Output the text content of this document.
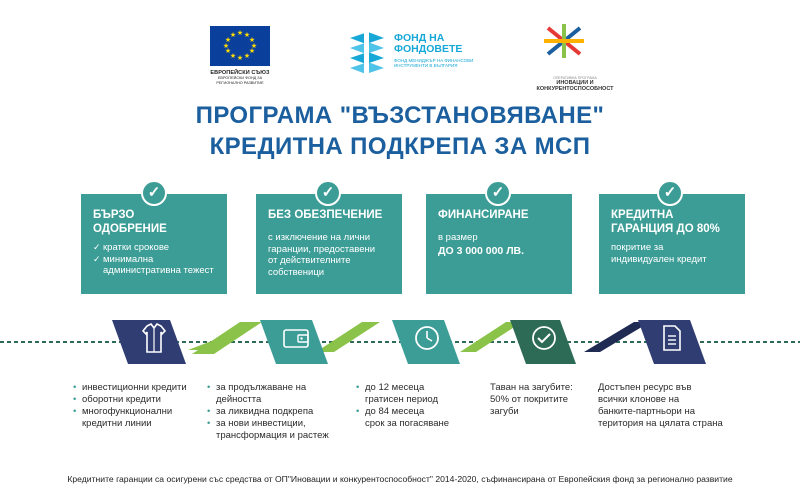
★ ★
★
★
★
★
★
★
★
★
★
★
ЕВРОПЕЙСКИ СЪЮЗ
ЕВРОПЕЙСКИ ФОНД ЗА РЕГИОНАЛНО РАЗВИТИЕ
ФОНД НА
ФОНДОВЕТЕ
ФОНД МЕНИДЖЪР НА ФИНАНСОВИ ИНСТРУМЕНТИ В БЪЛГАРИЯ
ОПЕРАТИВНА ПРОГРАМА
ИНОВАЦИИ И
КОНКУРЕНТОСПОСОБНОСТ
ПРОГРАМА "ВЪЗСТАНОВЯВАНЕ"
КРЕДИТНА ПОДКРЕПА ЗА МСП
БЪРЗО
ОДОБРЕНИЕ
✓ кратки срокове
✓ минимална
административна тежест
✓
БЕЗ ОБЕЗПЕЧЕНИЕ
с изключение на лични
гаранции, предоставени
от действителните
собственици
✓
ФИНАНСИРАНЕ
в размер
ДО 3 000 000 ЛВ.
✓
КРЕДИТНА
ГАРАНЦИЯ ДО 80%
покритие за
индивидуален кредит
✓
• инвестиционни кредити
• оборотни кредити
• многофункционални
кредитни линии
• за продължаване на
дейността
• за ликвидна подкрепа
• за нови инвестиции,
трансформация и растеж
• до 12 месеца
гратисен период
• до 84 месеца
срок за погасяване
Таван на загубите:
50% от покритите
загуби
Достъпен ресурс във
всички клонове на
банките-партньори на
територия на цялата страна
Кредитните гаранции са осигурени със средства от ОП"Иновации и конкурентоспособност" 2014-2020, съфинансирана от Европейския фонд за регионално развитие
